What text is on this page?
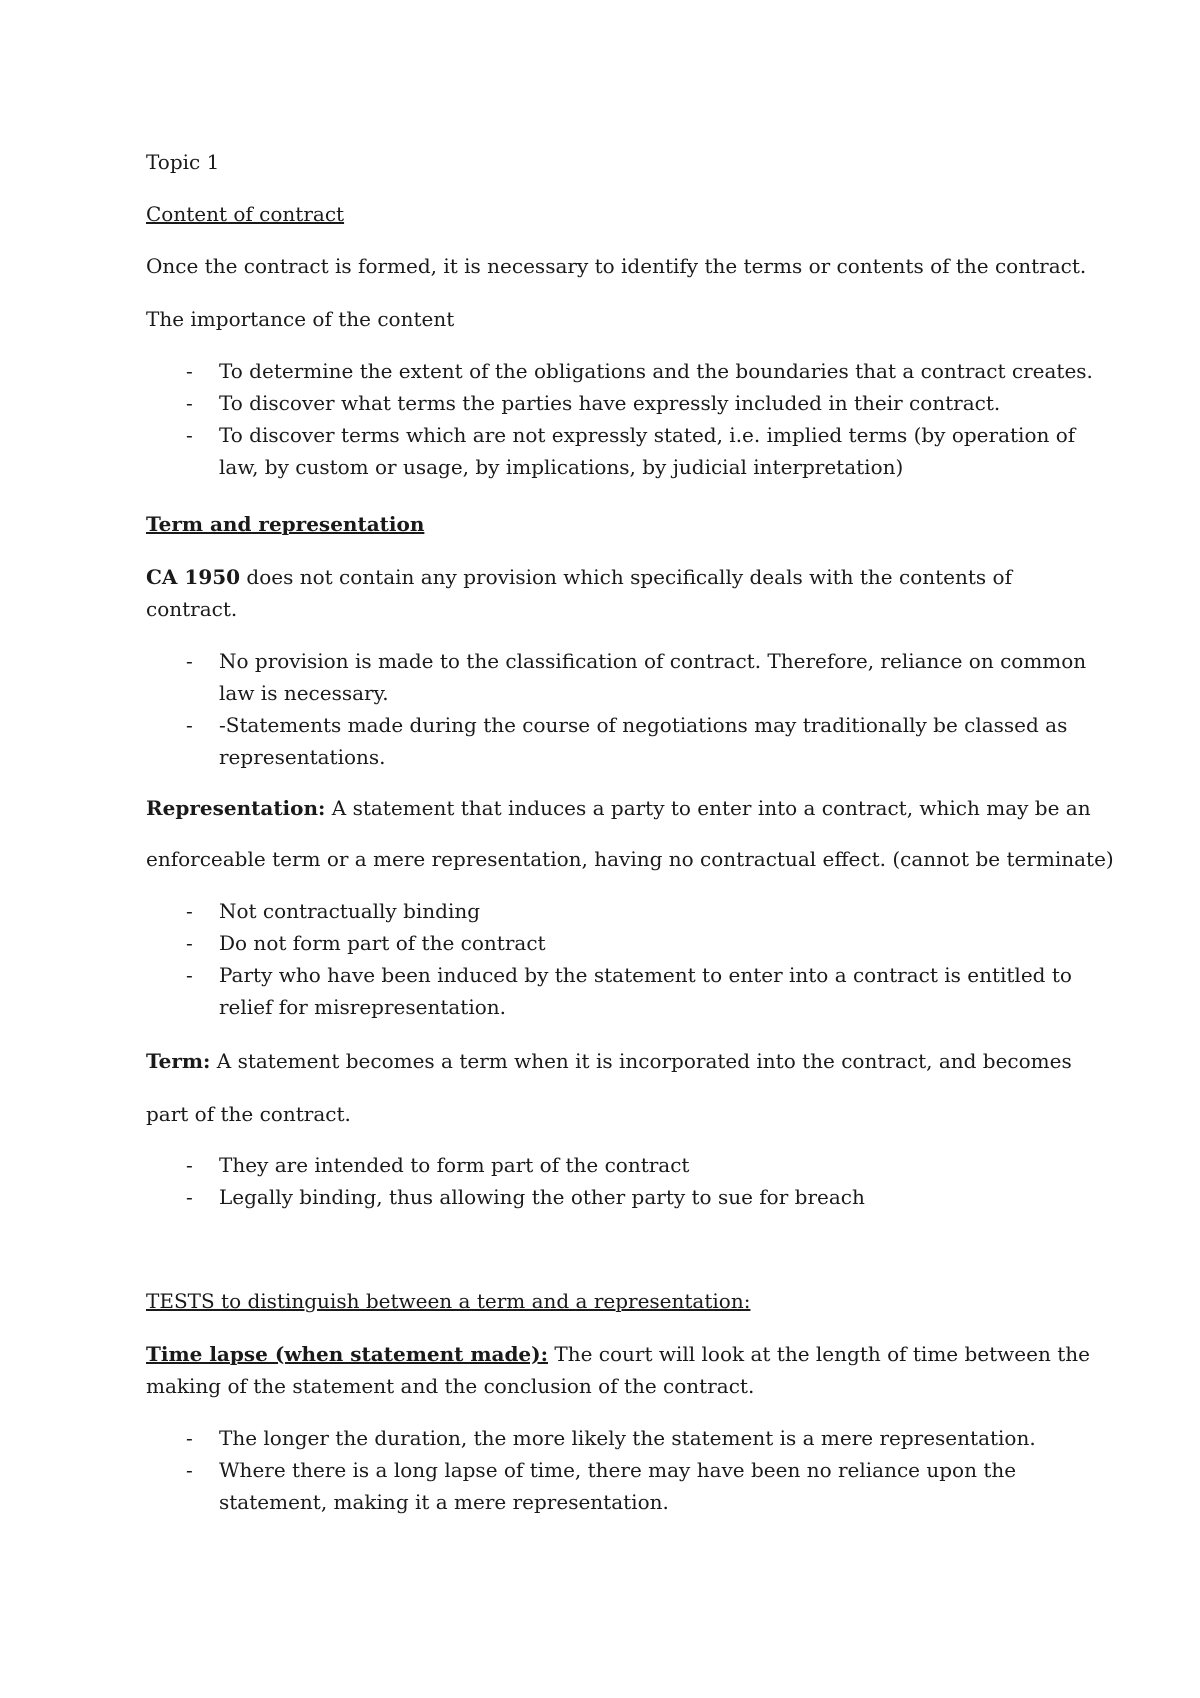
Topic 1
Content of contract
Once the contract is formed, it is necessary to identify the terms or contents of the contract.
The importance of the content
- To determine the extent of the obligations and the boundaries that a contract creates.
- To discover what terms the parties have expressly included in their contract.
- To discover terms which are not expressly stated, i.e. implied terms (by operation of
law, by custom or usage, by implications, by judicial interpretation)
Term and representation
CA 1950 does not contain any provision which specifically deals with the contents of
contract.
- No provision is made to the classification of contract. Therefore, reliance on common
law is necessary.
- -Statements made during the course of negotiations may traditionally be classed as
representations.
Representation: A statement that induces a party to enter into a contract, which may be an
enforceable term or a mere representation, having no contractual effect. (cannot be terminate)
- Not contractually binding
- Do not form part of the contract
- Party who have been induced by the statement to enter into a contract is entitled to
relief for misrepresentation.
Term: A statement becomes a term when it is incorporated into the contract, and becomes
part of the contract.
- They are intended to form part of the contract
- Legally binding, thus allowing the other party to sue for breach
TESTS to distinguish between a term and a representation:
Time lapse (when statement made): The court will look at the length of time between the
making of the statement and the conclusion of the contract.
- The longer the duration, the more likely the statement is a mere representation.
- Where there is a long lapse of time, there may have been no reliance upon the
statement, making it a mere representation.
